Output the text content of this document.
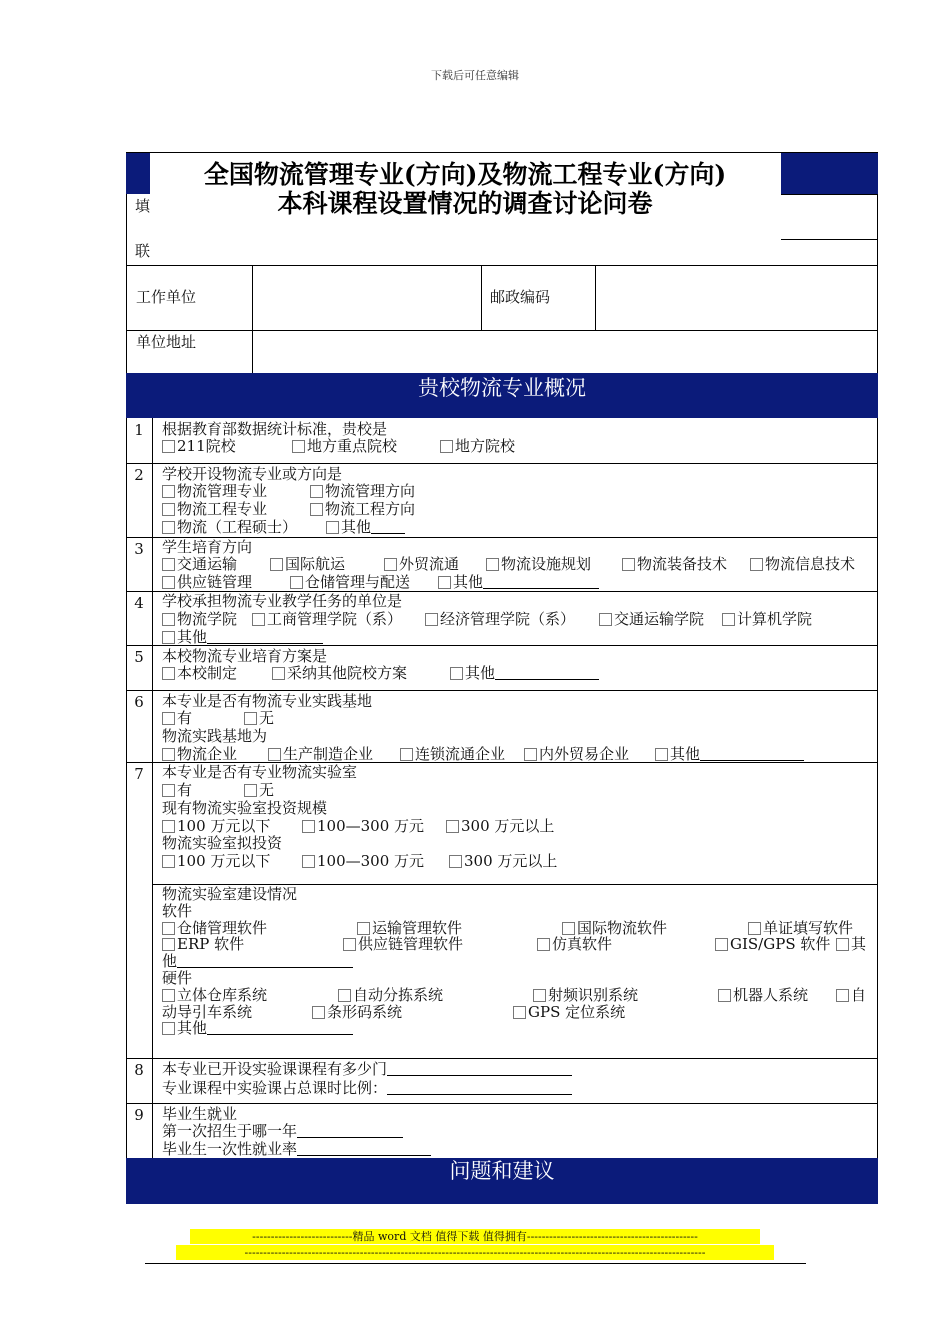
下载后可任意编辑
全国物流管理专业(方向)及物流工程专业(方向)
本科课程设置情况的调查讨论问卷
填
联
工作单位	邮政编码
单位地址
贵校物流专业概况
1	根据教育部数据统计标准，贵校是
211院校	地方重点院校	地方院校
2	学校开设物流专业或方向是
物流管理专业	物流管理方向
物流工程专业	物流工程方向
物流（工程硕士）	其他
3	学生培育方向
交通运输	国际航运	外贸流通	物流设施规划	物流装备技术	物流信息技术
供应链管理	仓储管理与配送	其他
4	学校承担物流专业教学任务的单位是
物流学院	工商管理学院（系）	经济管理学院（系）	交通运输学院	计算机学院
其他
5	本校物流专业培育方案是
本校制定	采纳其他院校方案	其他
6	本专业是否有物流专业实践基地
有	无
物流实践基地为
物流企业	生产制造企业	连锁流通企业	内外贸易企业	其他
7	本专业是否有专业物流实验室
有	无
现有物流实验室投资规模
100 万元以下	100—300 万元	300 万元以上
物流实验室拟投资
100 万元以下	100—300 万元	300 万元以上
物流实验室建设情况
软件
仓储管理软件	运输管理软件	国际物流软件	单证填写软件
ERP 软件	供应链管理软件	仿真软件	GIS/GPS 软件	其
他
硬件
立体仓库系统	自动分拣系统	射频识别系统	机器人系统	自
动导引车系统	条形码系统	GPS 定位系统
其他
8	本专业已开设实验课课程有多少门
专业课程中实验课占总课时比例：
9	毕业生就业
第一次招生于哪一年
毕业生一次性就业率
问题和建议
---------------------------精品 word 文档 值得下载 值得拥有----------------------------------------------
----------------------------------------------------------------------------------------------------------------------------
